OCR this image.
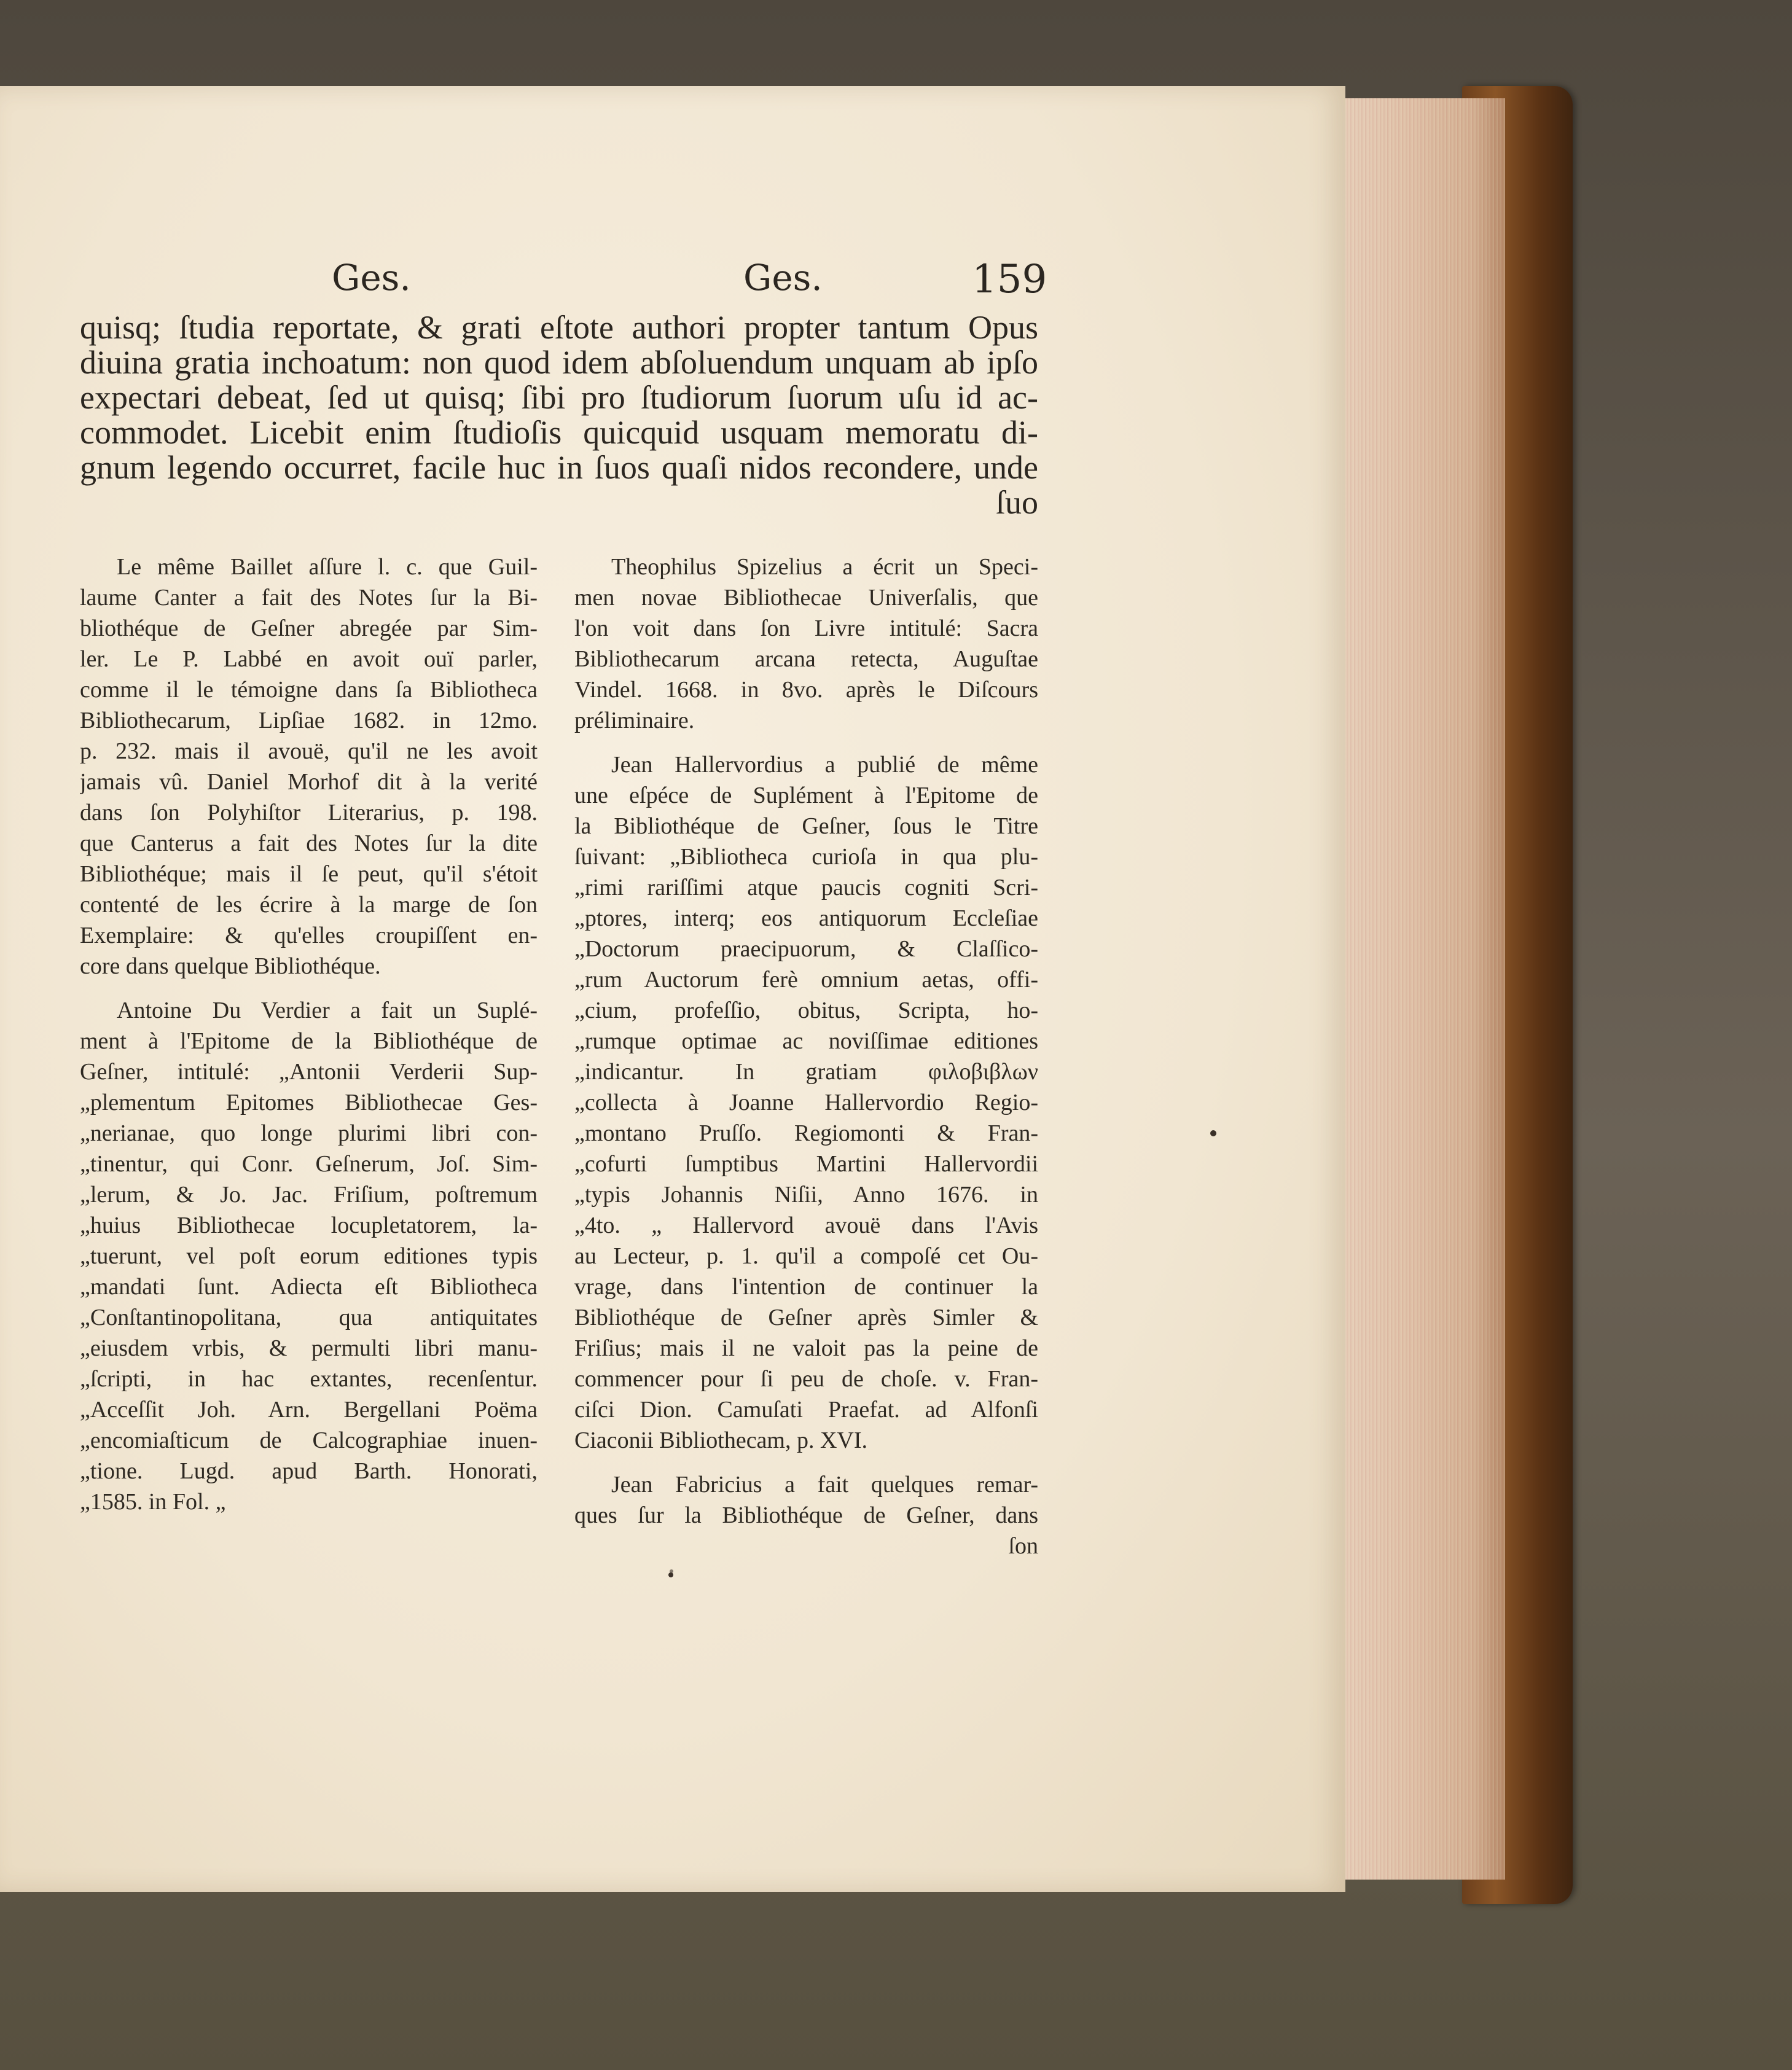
Ges.	Ges.	159
quisq; ſtudia reportate, & grati eſtote authori propter tantum Opus
diuina gratia inchoatum: non quod idem abſoluendum unquam ab ipſo
expectari debeat, ſed ut quisq; ſibi pro ſtudiorum ſuorum uſu id ac-
commodet. Licebit enim ſtudioſis quicquid usquam memoratu di-
gnum legendo occurret, facile huc in ſuos quaſi nidos recondere, unde
ſuo
Le même Baillet aſſure l. c. que Guil-
laume Canter a fait des Notes ſur la Bi-
bliothéque de Geſner abregée par Sim-
ler. Le P. Labbé en avoit ouï parler,
comme il le témoigne dans ſa Bibliotheca
Bibliothecarum, Lipſiae 1682. in 12mo.
p. 232. mais il avouë, qu'il ne les avoit
jamais vû. Daniel Morhof dit à la verité
dans ſon Polyhiſtor Literarius, p. 198.
que Canterus a fait des Notes ſur la dite
Bibliothéque; mais il ſe peut, qu'il s'étoit
contenté de les écrire à la marge de ſon
Exemplaire: & qu'elles croupiſſent en-
core dans quelque Bibliothéque.
Antoine Du Verdier a fait un Suplé-
ment à l'Epitome de la Bibliothéque de
Geſner, intitulé: „Antonii Verderii Sup-
„plementum Epitomes Bibliothecae Ges-
„nerianae, quo longe plurimi libri con-
„tinentur, qui Conr. Geſnerum, Joſ. Sim-
„lerum, & Jo. Jac. Friſium, poſtremum
„huius Bibliothecae locupletatorem, la-
„tuerunt, vel poſt eorum editiones typis
„mandati ſunt. Adiecta eſt Bibliotheca
„Conſtantinopolitana, qua antiquitates
„eiusdem vrbis, & permulti libri manu-
„ſcripti, in hac extantes, recenſentur.
„Acceſſit Joh. Arn. Bergellani Poëma
„encomiaſticum de Calcographiae inuen-
„tione. Lugd. apud Barth. Honorati,
„1585. in Fol. „
Theophilus Spizelius a écrit un Speci-
men novae Bibliothecae Univerſalis, que
l'on voit dans ſon Livre intitulé: Sacra
Bibliothecarum arcana retecta, Auguſtae
Vindel. 1668. in 8vo. après le Diſcours
préliminaire.
Jean Hallervordius a publié de même
une eſpéce de Suplément à l'Epitome de
la Bibliothéque de Geſner, ſous le Titre
ſuivant: „Bibliotheca curioſa in qua plu-
„rimi rariſſimi atque paucis cogniti Scri-
„ptores, interq; eos antiquorum Eccleſiae
„Doctorum praecipuorum, & Claſſico-
„rum Auctorum ferè omnium aetas, offi-
„cium, profeſſio, obitus, Scripta, ho-
„rumque optimae ac noviſſimae editiones
„indicantur. In gratiam φιλοβιβλων
„collecta à Joanne Hallervordio Regio-
„montano Pruſſo. Regiomonti & Fran-
„cofurti ſumptibus Martini Hallervordii
„typis Johannis Niſii, Anno 1676. in
„4to. „ Hallervord avouë dans l'Avis
au Lecteur, p. 1. qu'il a compoſé cet Ou-
vrage, dans l'intention de continuer la
Bibliothéque de Geſner après Simler &
Friſius; mais il ne valoit pas la peine de
commencer pour ſi peu de choſe. v. Fran-
ciſci Dion. Camuſati Praefat. ad Alfonſi
Ciaconii Bibliothecam, p. XVI.
Jean Fabricius a fait quelques remar-
ques ſur la Bibliothéque de Geſner, dans
ſon
